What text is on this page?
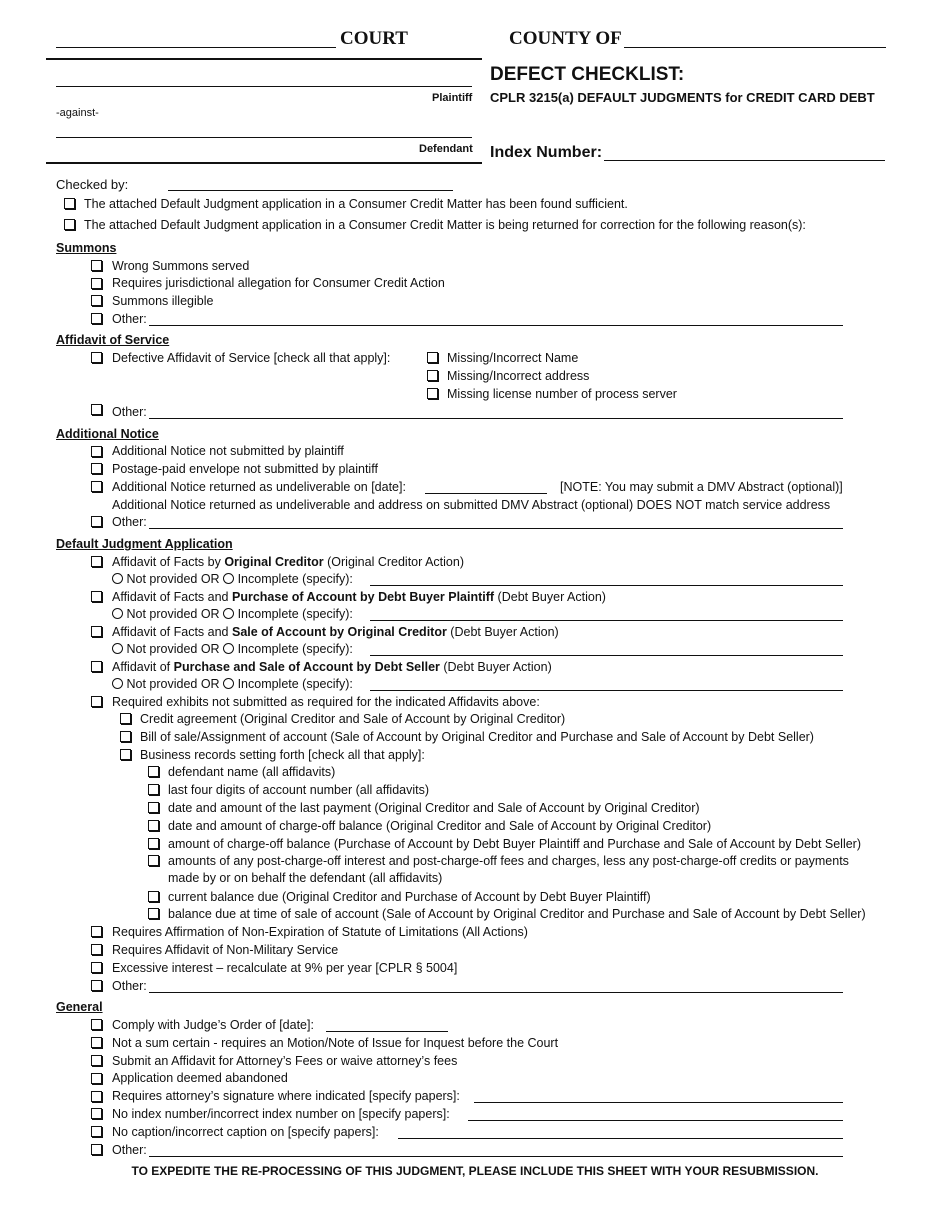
COURT	COUNTY OF
Plaintiff
-against-
Defendant
DEFECT CHECKLIST:
CPLR 3215(a) DEFAULT JUDGMENTS for CREDIT CARD DEBT
Index Number:
Checked by:
The attached Default Judgment application in a Consumer Credit Matter has been found sufficient.
The attached Default Judgment application in a Consumer Credit Matter is being returned for correction for the following reason(s):
Summons
Wrong Summons served
Requires jurisdictional allegation for Consumer Credit Action
Summons illegible
Other:
Affidavit of Service
Defective Affidavit of Service [check all that apply]:	Missing/Incorrect Name
Missing/Incorrect address
Missing license number of process server
Other:
Additional Notice
Additional Notice not submitted by plaintiff
Postage-paid envelope not submitted by plaintiff
Additional Notice returned as undeliverable on [date]:	[NOTE: You may submit a DMV Abstract (optional)]
Additional Notice returned as undeliverable and address on submitted DMV Abstract (optional) DOES NOT match service address
Other:
Default Judgment Application
Affidavit of Facts by Original Creditor (Original Creditor Action)
Not provided OR Incomplete (specify):
Affidavit of Facts and Purchase of Account by Debt Buyer Plaintiff (Debt Buyer Action)
Not provided OR Incomplete (specify):
Affidavit of Facts and Sale of Account by Original Creditor (Debt Buyer Action)
Not provided OR Incomplete (specify):
Affidavit of Purchase and Sale of Account by Debt Seller (Debt Buyer Action)
Not provided OR Incomplete (specify):
Required exhibits not submitted as required for the indicated Affidavits above:
Credit agreement (Original Creditor and Sale of Account by Original Creditor)
Bill of sale/Assignment of account (Sale of Account by Original Creditor and Purchase and Sale of Account by Debt Seller)
Business records setting forth [check all that apply]:
defendant name (all affidavits)
last four digits of account number (all affidavits)
date and amount of the last payment (Original Creditor and Sale of Account by Original Creditor)
date and amount of charge-off balance (Original Creditor and Sale of Account by Original Creditor)
amount of charge-off balance (Purchase of Account by Debt Buyer Plaintiff and Purchase and Sale of Account by Debt Seller)
amounts of any post-charge-off interest and post-charge-off fees and charges, less any post-charge-off credits or payments
made by or on behalf the defendant (all affidavits)
current balance due (Original Creditor and Purchase of Account by Debt Buyer Plaintiff)
balance due at time of sale of account (Sale of Account by Original Creditor and Purchase and Sale of Account by Debt Seller)
Requires Affirmation of Non-Expiration of Statute of Limitations (All Actions)
Requires Affidavit of Non-Military Service
Excessive interest – recalculate at 9% per year [CPLR § 5004]
Other:
General
Comply with Judge’s Order of [date]:
Not a sum certain - requires an Motion/Note of Issue for Inquest before the Court
Submit an Affidavit for Attorney’s Fees or waive attorney’s fees
Application deemed abandoned
Requires attorney’s signature where indicated [specify papers]:
No index number/incorrect index number on [specify papers]:
No caption/incorrect caption on [specify papers]:
Other:
TO EXPEDITE THE RE-PROCESSING OF THIS JUDGMENT, PLEASE INCLUDE THIS SHEET WITH YOUR RESUBMISSION.
